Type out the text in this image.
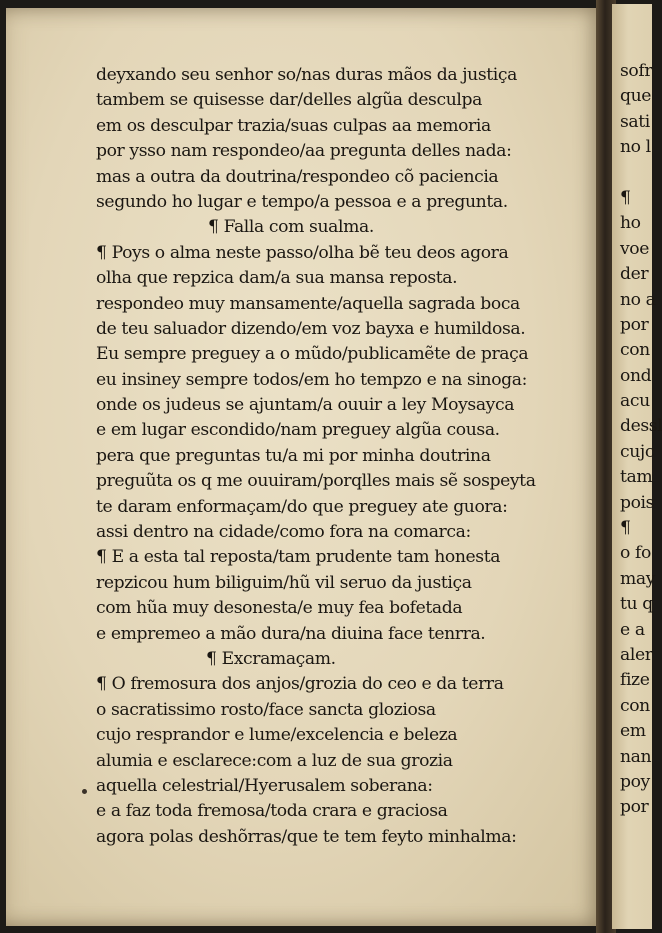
deyxando seu senhor so/nas duras mãos da justiça
tambem se quisesse dar/delles algũa desculpa
em os desculpar trazia/suas culpas aa memoria
por ysso nam respondeo/aa pregunta delles nada:
mas a outra da doutrina/respondeo cõ paciencia
segundo ho lugar e tempo/a pessoa e a pregunta.
¶ Falla com sualma.
¶ Poys o alma neste passo/olha bẽ teu deos agora
olha que repzica dam/a sua mansa reposta.
respondeo muy mansamente/aquella sagrada boca
de teu saluador dizendo/em voz bayxa e humildosa.
Eu sempre preguey a o mũdo/publicamẽte de praça
eu insiney sempre todos/em ho tempzo e na sinoga:
onde os judeus se ajuntam/a ouuir a ley Moysayca
e em lugar escondido/nam preguey algũa cousa.
pera que preguntas tu/a mi por minha doutrina
preguũta os q me ouuiram/porqlles mais sẽ sospeyta
te daram enformaçam/do que preguey ate guora:
assi dentro na cidade/como fora na comarca:
¶ E a esta tal reposta/tam prudente tam honesta
repzicou hum biliguim/hũ vil seruo da justiça
com hũa muy desonesta/e muy fea bofetada
e empremeo a mão dura/na diuina face tenrra.
¶ Excramaçam.
¶ O fremosura dos anjos/grozia do ceo e da terra
o sacratissimo rosto/face sancta gloziosa
cujo resprandor e lume/excelencia e beleza
alumia e esclarece:com a luz de sua grozia
aquella celestrial/Hyerusalem soberana:
e a faz toda fremosa/toda crara e graciosa
agora polas deshõrras/que te tem feyto minhalma:
sofr
que
sati
no l
¶
ho
voe
der
no a
por
con
ond
acu
dessl
cujc
tam
pois
¶
o fo
may
tu q
e a
aler
fize
con
em
nan
poy
por
